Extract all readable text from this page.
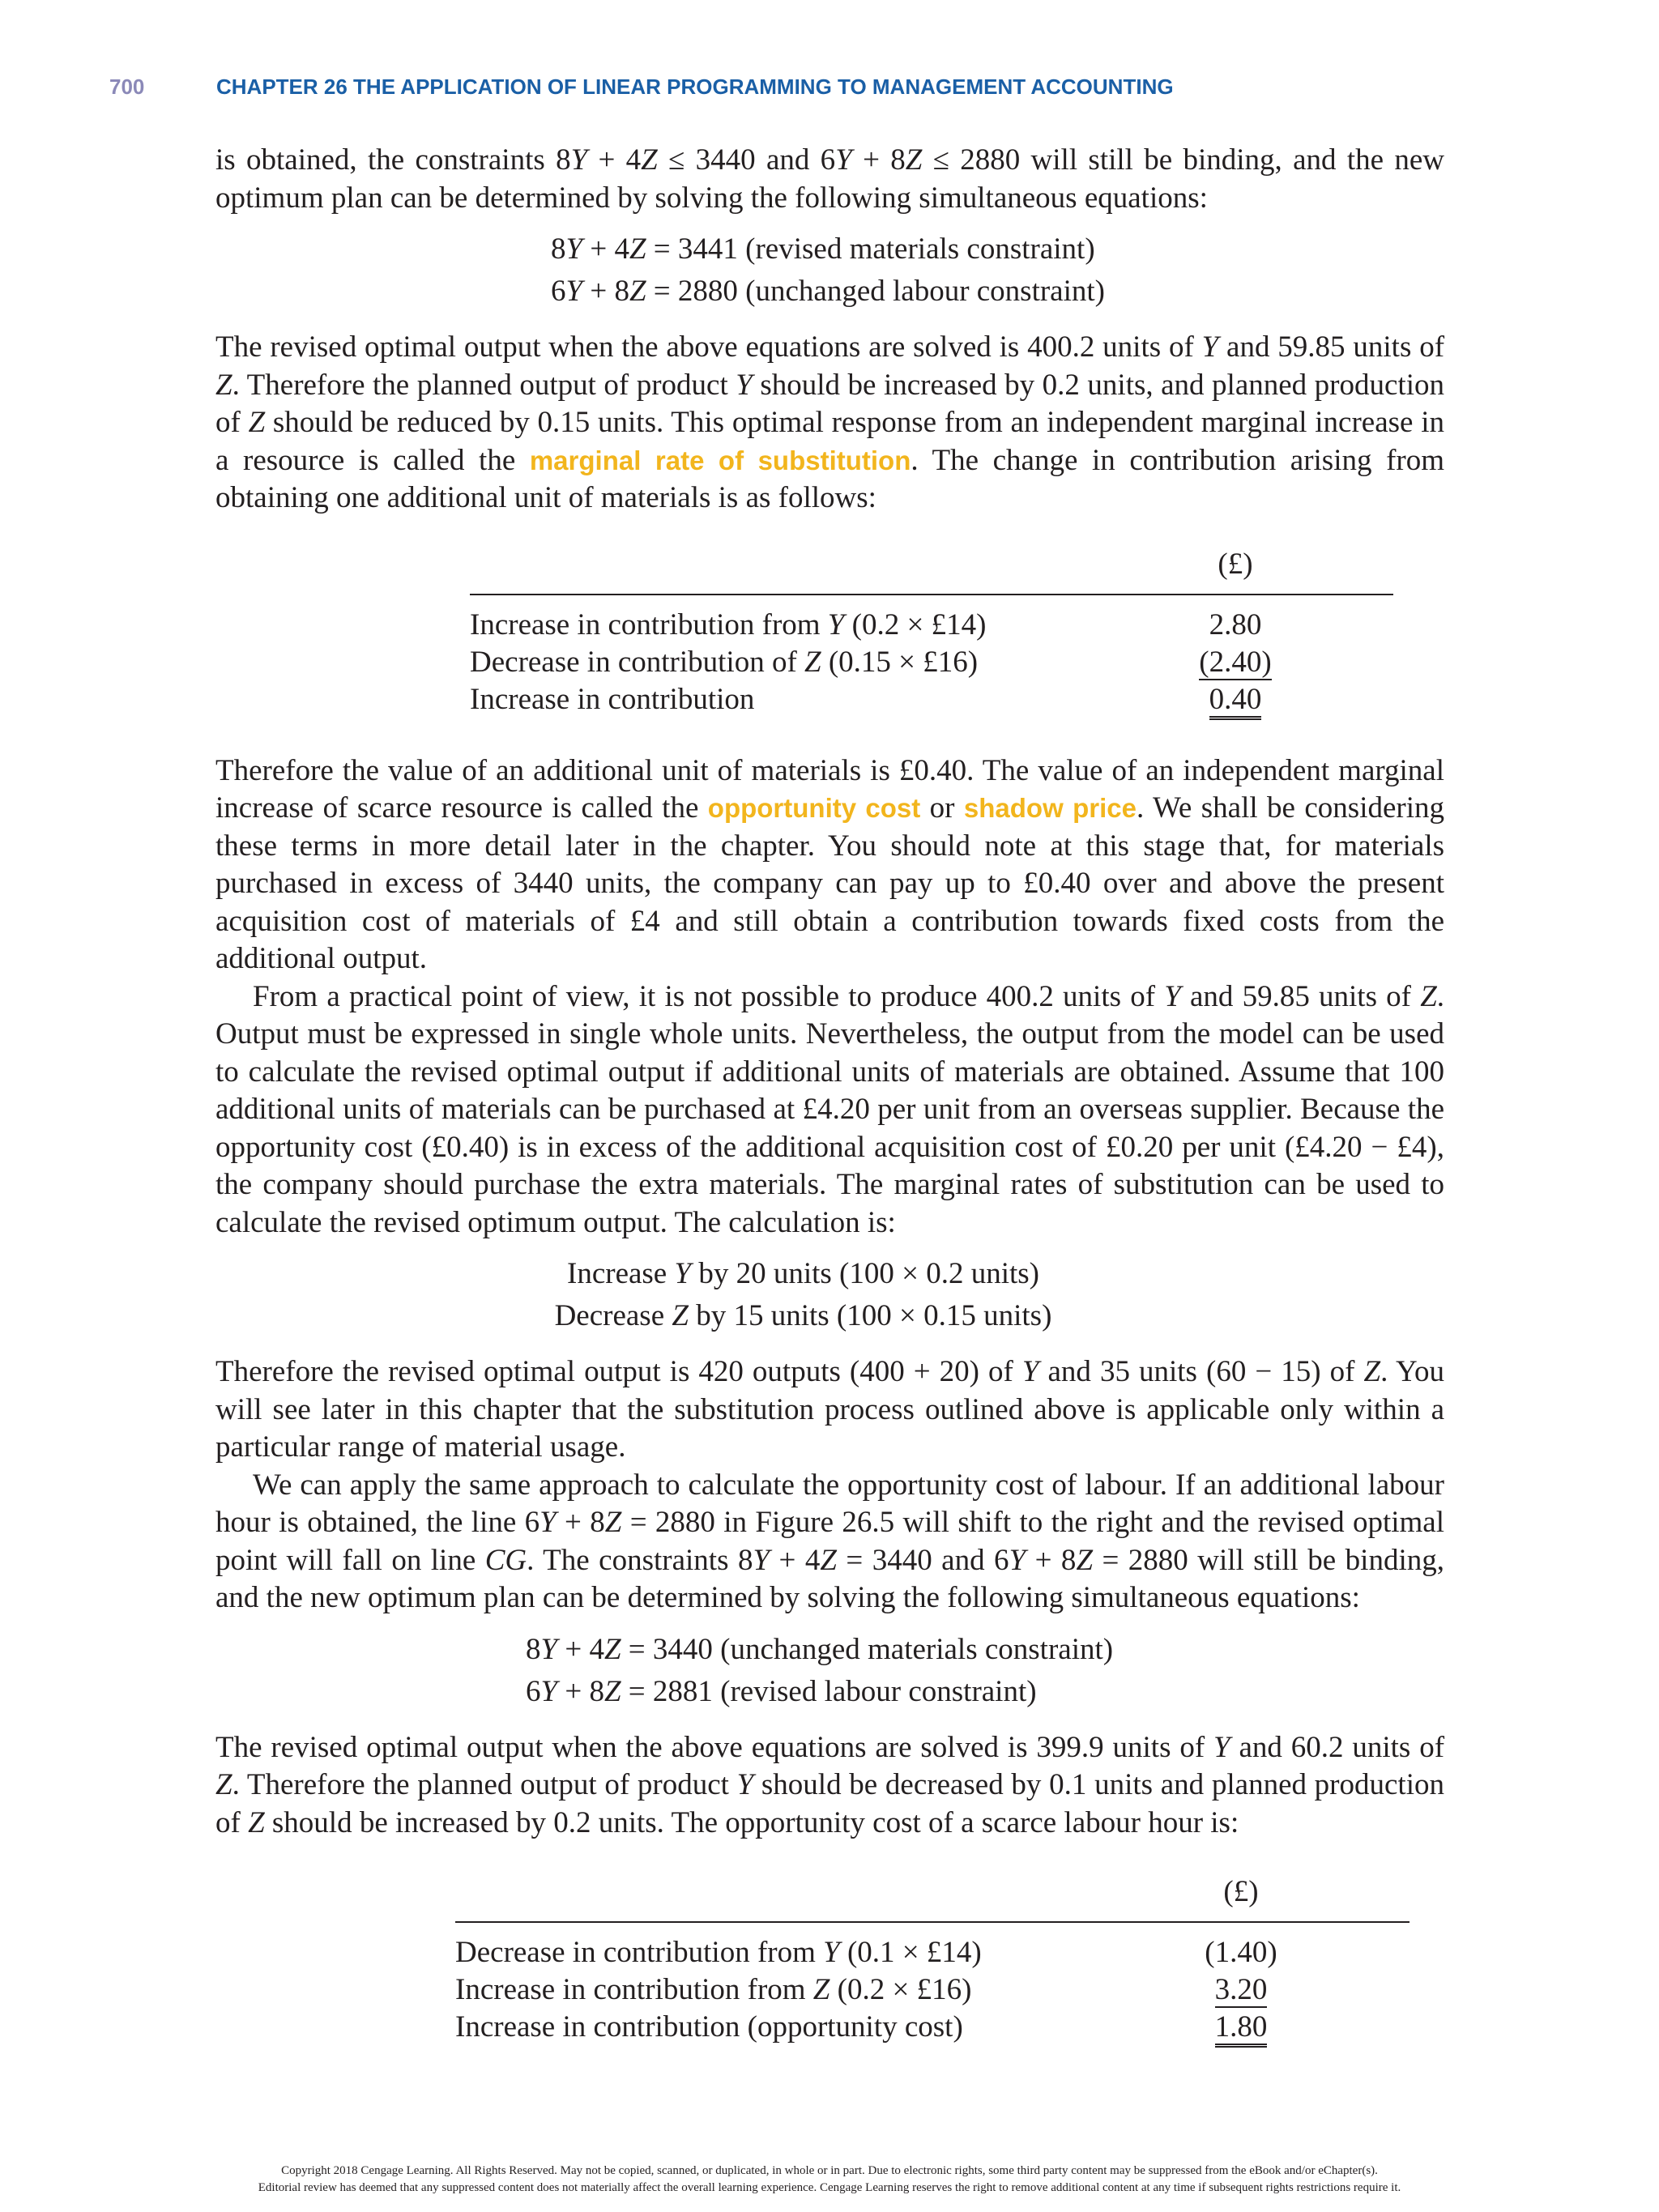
700	CHAPTER 26 THE APPLICATION OF LINEAR PROGRAMMING TO MANAGEMENT ACCOUNTING

is obtained, the constraints 8Y + 4Z ≤ 3440 and 6Y + 8Z ≤ 2880 will still be binding, and the new optimum plan can be determined by solving the following simultaneous equations:

8Y + 4Z = 3441 (revised materials constraint)
6Y + 8Z = 2880 (unchanged labour constraint)

The revised optimal output when the above equations are solved is 400.2 units of Y and 59.85 units of Z. Therefore the planned output of product Y should be increased by 0.2 units, and planned production of Z should be reduced by 0.15 units. This optimal response from an independent marginal increase in a resource is called the marginal rate of substitution. The change in contribution arising from obtaining one additional unit of materials is as follows:

(£)
Increase in contribution from Y (0.2 × £14)	2.80
Decrease in contribution of Z (0.15 × £16)	(2.40)
Increase in contribution	0.40

Therefore the value of an additional unit of materials is £0.40. The value of an independent marginal increase of scarce resource is called the opportunity cost or shadow price. We shall be considering these terms in more detail later in the chapter. You should note at this stage that, for materials purchased in excess of 3440 units, the company can pay up to £0.40 over and above the present acquisition cost of materials of £4 and still obtain a contribution towards fixed costs from the additional output.

From a practical point of view, it is not possible to produce 400.2 units of Y and 59.85 units of Z. Output must be expressed in single whole units. Nevertheless, the output from the model can be used to calculate the revised optimal output if additional units of materials are obtained. Assume that 100 additional units of materials can be purchased at £4.20 per unit from an overseas supplier. Because the opportunity cost (£0.40) is in excess of the additional acquisition cost of £0.20 per unit (£4.20 − £4), the company should purchase the extra materials. The marginal rates of substitution can be used to calculate the revised optimum output. The calculation is:

Increase Y by 20 units (100 × 0.2 units)
Decrease Z by 15 units (100 × 0.15 units)

Therefore the revised optimal output is 420 outputs (400 + 20) of Y and 35 units (60 − 15) of Z. You will see later in this chapter that the substitution process outlined above is applicable only within a particular range of material usage.

We can apply the same approach to calculate the opportunity cost of labour. If an additional labour hour is obtained, the line 6Y + 8Z = 2880 in Figure 26.5 will shift to the right and the revised optimal point will fall on line CG. The constraints 8Y + 4Z = 3440 and 6Y + 8Z = 2880 will still be binding, and the new optimum plan can be determined by solving the following simultaneous equations:

8Y + 4Z = 3440 (unchanged materials constraint)
6Y + 8Z = 2881 (revised labour constraint)

The revised optimal output when the above equations are solved is 399.9 units of Y and 60.2 units of Z. Therefore the planned output of product Y should be decreased by 0.1 units and planned production of Z should be increased by 0.2 units. The opportunity cost of a scarce labour hour is:

(£)
Decrease in contribution from Y (0.1 × £14)	(1.40)
Increase in contribution from Z (0.2 × £16)	3.20
Increase in contribution (opportunity cost)	1.80
Copyright 2018 Cengage Learning. All Rights Reserved. May not be copied, scanned, or duplicated, in whole or in part. Due to electronic rights, some third party content may be suppressed from the eBook and/or eChapter(s).
Editorial review has deemed that any suppressed content does not materially affect the overall learning experience. Cengage Learning reserves the right to remove additional content at any time if subsequent rights restrictions require it.
